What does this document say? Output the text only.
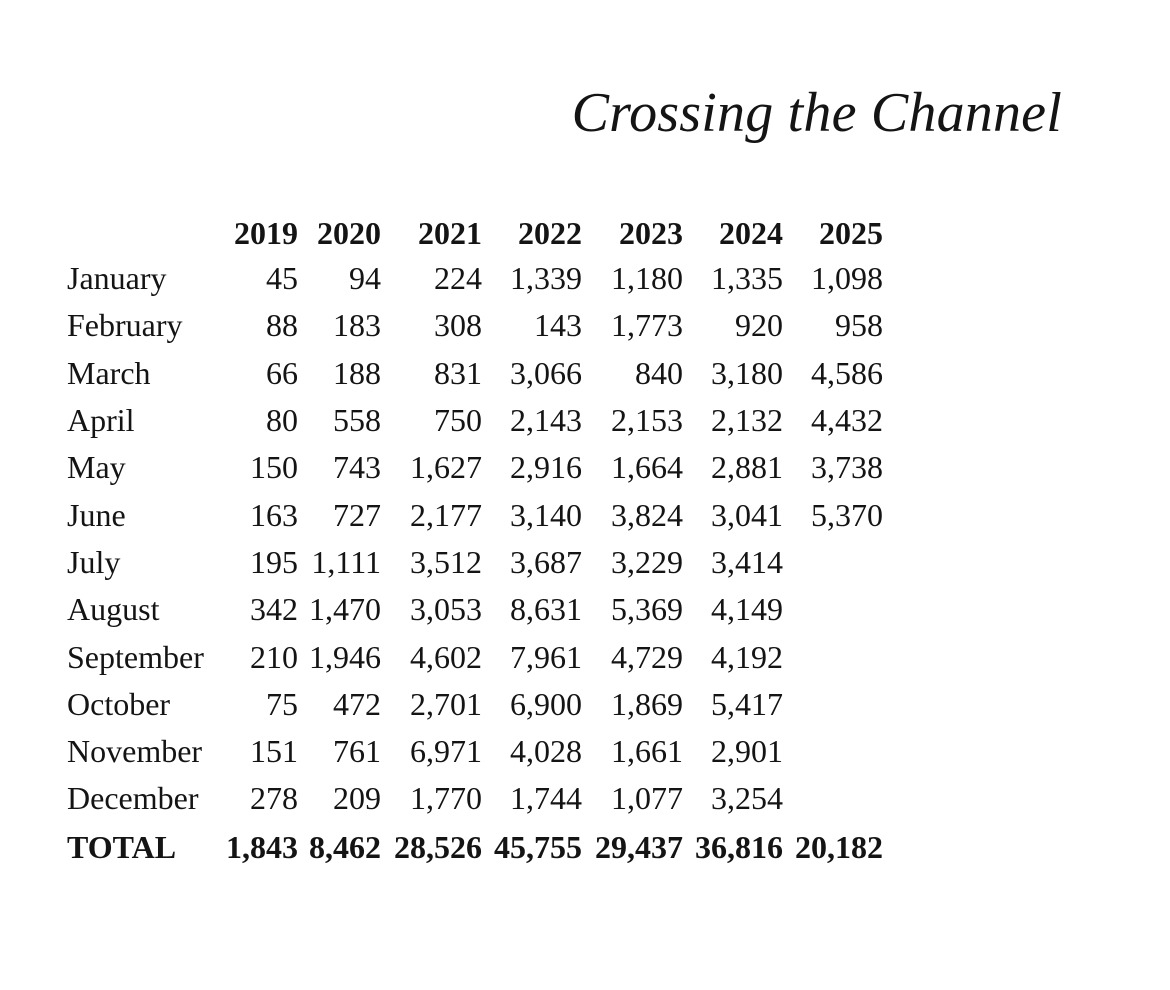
Crossing the Channel
	2019	2020	2021	2022	2023	2024	2025
January	45	94	224	1,339	1,180	1,335	1,098
February	88	183	308	143	1,773	920	958
March	66	188	831	3,066	840	3,180	4,586
April	80	558	750	2,143	2,153	2,132	4,432
May	150	743	1,627	2,916	1,664	2,881	3,738
June	163	727	2,177	3,140	3,824	3,041	5,370
July	195	1,111	3,512	3,687	3,229	3,414	
August	342	1,470	3,053	8,631	5,369	4,149	
September	210	1,946	4,602	7,961	4,729	4,192	
October	75	472	2,701	6,900	1,869	5,417	
November	151	761	6,971	4,028	1,661	2,901	
December	278	209	1,770	1,744	1,077	3,254	
TOTAL	1,843	8,462	28,526	45,755	29,437	36,816	20,182
